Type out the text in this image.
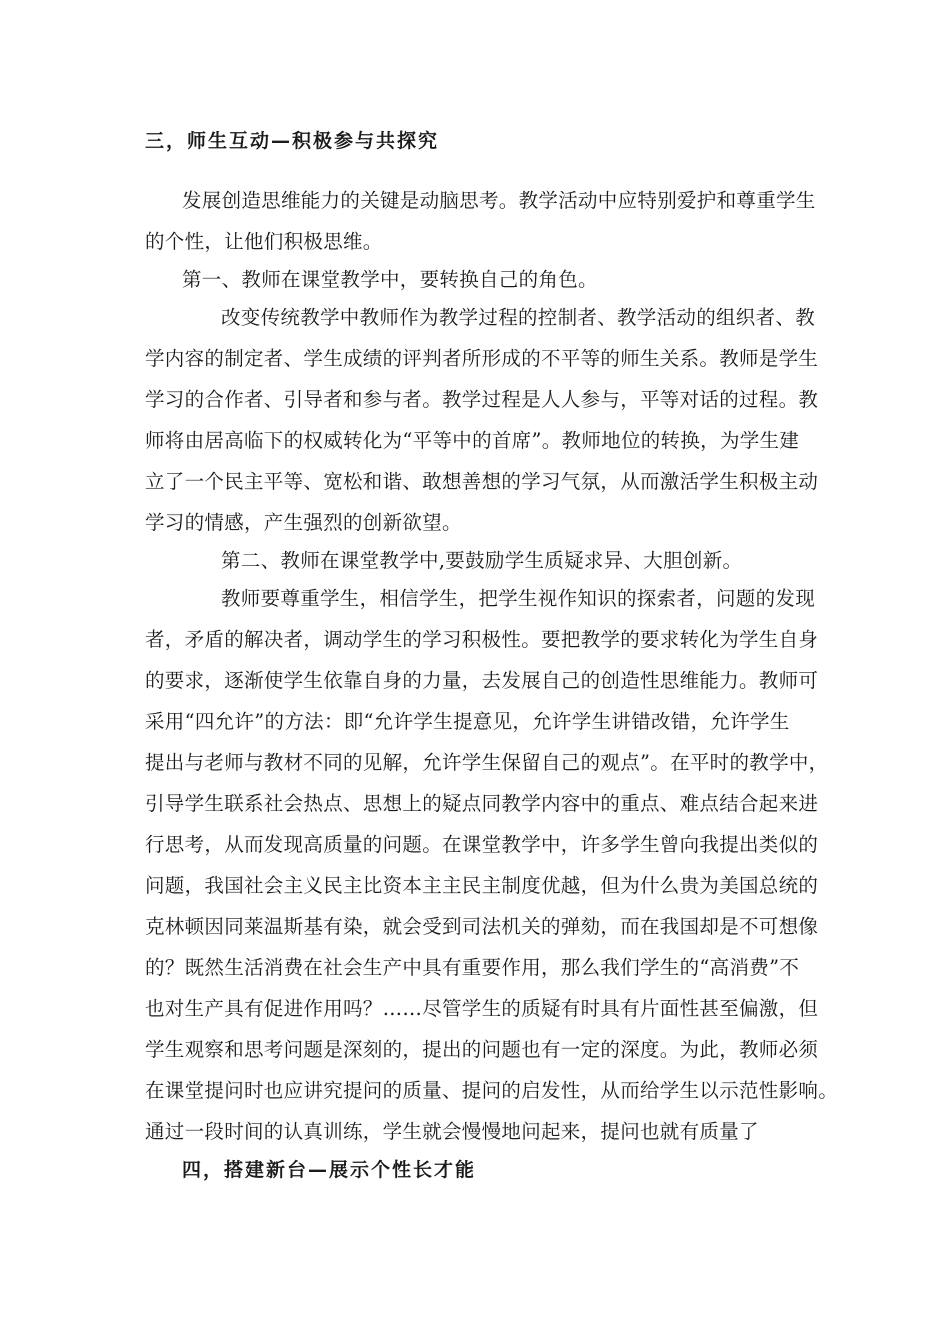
三，师生互动—积极参与共探究
发展创造思维能力的关键是动脑思考。教学活动中应特别爱护和尊重学生
的个性，让他们积极思维。
第一、教师在课堂教学中，要转换自己的角色。
改变传统教学中教师作为教学过程的控制者、教学活动的组织者、教
学内容的制定者、学生成绩的评判者所形成的不平等的师生关系。教师是学生
学习的合作者、引导者和参与者。教学过程是人人参与，平等对话的过程。教
师将由居高临下的权威转化为“平等中的首席”。教师地位的转换，为学生建
立了一个民主平等、宽松和谐、敢想善想的学习气氛，从而激活学生积极主动
学习的情感，产生强烈的创新欲望。
第二、教师在课堂教学中,要鼓励学生质疑求异、大胆创新。
教师要尊重学生，相信学生，把学生视作知识的探索者，问题的发现
者，矛盾的解决者，调动学生的学习积极性。要把教学的要求转化为学生自身
的要求，逐渐使学生依靠自身的力量，去发展自己的创造性思维能力。教师可
采用“四允许”的方法：即“允许学生提意见，允许学生讲错改错，允许学生
提出与老师与教材不同的见解，允许学生保留自己的观点”。在平时的教学中，
引导学生联系社会热点、思想上的疑点同教学内容中的重点、难点结合起来进
行思考，从而发现高质量的问题。在课堂教学中，许多学生曾向我提出类似的
问题，我国社会主义民主比资本主主民主制度优越，但为什么贵为美国总统的
克林顿因同莱温斯基有染，就会受到司法机关的弹劾，而在我国却是不可想像
的？既然生活消费在社会生产中具有重要作用，那么我们学生的“高消费”不
也对生产具有促进作用吗？……尽管学生的质疑有时具有片面性甚至偏激，但
学生观察和思考问题是深刻的，提出的问题也有一定的深度。为此，教师必须
在课堂提问时也应讲究提问的质量、提问的启发性，从而给学生以示范性影响。
通过一段时间的认真训练，学生就会慢慢地问起来，提问也就有质量了
四，搭建新台—展示个性长才能
